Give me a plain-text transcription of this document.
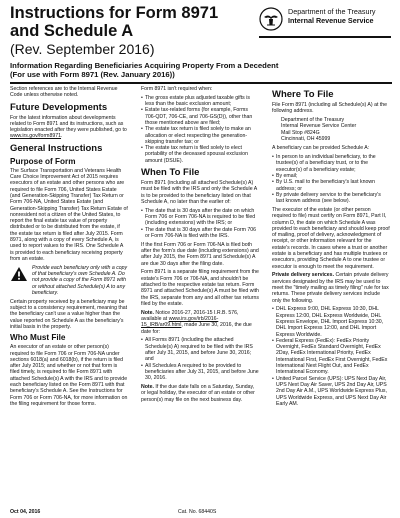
Instructions for Form 8971
and Schedule A
(Rev. September 2016)
Department of the Treasury
Internal Revenue Service
Information Regarding Beneficiaries Acquiring Property From a Decedent
(For use with Form 8971 (Rev. January 2016))

Section references are to the Internal Revenue Code unless otherwise noted.

Future Developments

For the latest information about developments related to Form 8971 and its instructions, such as legislation enacted after they were published, go to www.irs.gov/form8971.

General Instructions
Purpose of Form

The Surface Transportation and Veterans Health Care Choice Improvement Act of 2015 requires executors of an estate and other persons who are required to file Form 706, United States Estate (and Generation-Skipping Transfer) Tax Return or Form 706-NA, United States Estate (and Generation-Skipping Transfer) Tax Return Estate of nonresident not a citizen of the United States, to report the final estate tax value of property distributed or to be distributed from the estate, if the estate tax return is filed after July 2015. Form 8971, along with a copy of every Schedule A, is used to report values to the IRS. One Schedule A is provided to each beneficiary receiving property from an estate.

Provide each beneficiary only with a copy of that beneficiary's own Schedule A. Do not provide a copy of the Form 8971 with or without attached Schedule(s) A to any beneficiary.

Certain property received by a beneficiary may be subject to a consistency requirement, meaning that the beneficiary can't use a value higher than the value reported on Schedule A as the beneficiary's initial basis in the property.

Who Must File

An executor of an estate or other person(s) required to file Form 706 or Form 706-NA under sections 6018(a) and 6018(b), if the return is filed after July 2015; and whether or not that form is filed timely, is required to file Form 8971 with attached Schedule(s) A with the IRS and to provide each beneficiary listed on the Form 8971 with that beneficiary's Schedule A. See the Instructions for Form 706 or Form 706-NA, for more information on the filing requirement for those forms.

Form 8971 isn't required when:

• The gross estate plus adjusted taxable gifts is less than the basic exclusion amount;
• Estate tax-related forms (for example, Forms 706-QDT, 706-CE, and 706-GS(D)), other than those mentioned above are filed;
• The estate tax return is filed solely to make an allocation or elect respecting the generation-skipping transfer tax; or
• The estate tax return is filed solely to elect portability of the deceased spousal exclusion amount (DSUE).
When To File

Form 8971 (including all attached Schedule(s) A) must be filed with the IRS and only the Schedule A is to be provided to the beneficiary listed on that Schedule A, no later than the earlier of:

• The date that is 30 days after the date on which Form 706 or Form 706-NA is required to be filed (including extensions) with the IRS; or
• The date that is 30 days after the date Form 706 or Form 706-NA is filed with the IRS.

If the first Form 706 or Form 706-NA is filed both after the form's due date (including extensions) and after July 2015, the Form 8971 and Schedule(s) A are due 30 days after the filing date.

Form 8971 is a separate filing requirement from the estate's Form 706 or 706-NA, and shouldn't be attached to the respective estate tax return. Form 8971 and attached Schedule(s) A must be filed with the IRS, separate from any and all other tax returns filed by the estate.

Note. Notice 2016-27, 2016-15 I.R.B. 576, available at www.irs.gov/irb/2016-15_IRB/ar09.html, made June 30, 2016, the due date for:

• All Forms 8971 (including the attached Schedule(s) A) required to be filed with the IRS after July 31, 2015, and before June 30, 2016; and
• All Schedules A required to be provided to beneficiaries after July 31, 2015, and before June 30, 2016.

Note. If the due date falls on a Saturday, Sunday, or legal holiday, the executor of an estate or other person(s) may file on the next business day.

Where To File

File Form 8971 (including all Schedule(s) A) at the following address.

Department of the Treasury
Internal Revenue Service Center
Mail Stop #824G
Cincinnati, OH 45999

A beneficiary can be provided Schedule A:

• In person to an individual beneficiary, to the trustee(s) of a beneficiary trust, or to the executor(s) of a beneficiary estate;
• By email;
• By U.S. mail to the beneficiary's last known address; or
• By private delivery service to the beneficiary's last known address (see below).

The executor of the estate (or other person required to file) must certify on Form 8971, Part II, column D, the date on which Schedule A was provided to each beneficiary and should keep proof of mailing, proof of delivery, acknowledgment of receipt, or other information relevant for the estate's records. In cases where a trust or another estate is a beneficiary and has multiple trustees or executors, providing Schedule A to one trustee or executor is enough to meet the requirement.

Private delivery services. Certain private delivery services designated by the IRS may be used to meet the "timely mailing as timely filing" rule for tax returns. These private delivery services include only the following.

• DHL Express 9:00, DHL Express 10:30, DHL Express 12:00, DHL Express Worldwide, DHL Express Envelope, DHL Import Express 10:30, DHL Import Express 12:00, and DHL Import Express Worldwide.
• Federal Express (FedEx): FedEx Priority Overnight, FedEx Standard Overnight, FedEx 2Day, FedEx International Priority, FedEx International First, FedEx First Overnight, FedEx International Next Flight Out, and FedEx International Economy.
• United Parcel Service (UPS): UPS Next Day Air, UPS Next Day Air Saver, UPS 2nd Day Air, UPS 2nd Day Air A.M., UPS Worldwide Express Plus, UPS Worldwide Express, and UPS Next Day Air Early AM.
Oct 04, 2016	Cat. No. 68440S
